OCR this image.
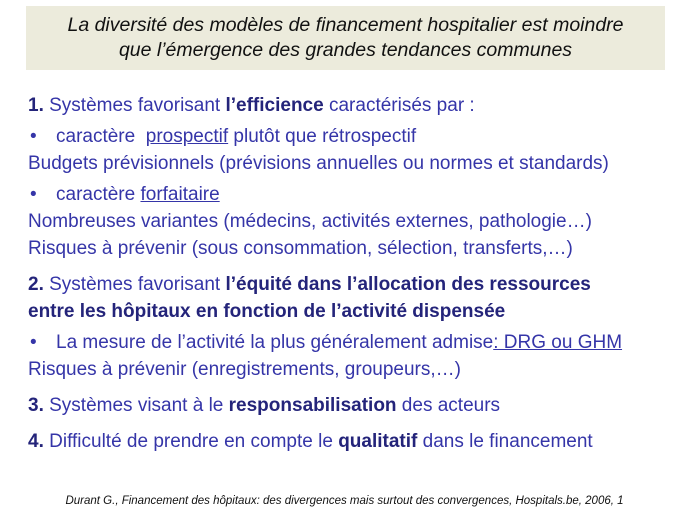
La diversité des modèles de financement hospitalier est moindre
que l’émergence des grandes tendances communes
1. Systèmes favorisant l’efficience caractérisés par :
• caractère  prospectif plutôt que rétrospectif
Budgets prévisionnels (prévisions annuelles ou normes et standards)
• caractère forfaitaire
Nombreuses variantes (médecins, activités externes, pathologie…)
Risques à prévenir (sous consommation, sélection, transferts,…)
2. Systèmes favorisant l’équité dans l’allocation des ressources
entre les hôpitaux en fonction de l’activité dispensée
• La mesure de l’activité la plus généralement admise: DRG ou GHM
Risques à prévenir (enregistrements, groupeurs,…)
3. Systèmes visant à le responsabilisation des acteurs
4. Difficulté de prendre en compte le qualitatif dans le financement
Durant G., Financement des hôpitaux: des divergences mais surtout des convergences, Hospitals.be, 2006, 1
